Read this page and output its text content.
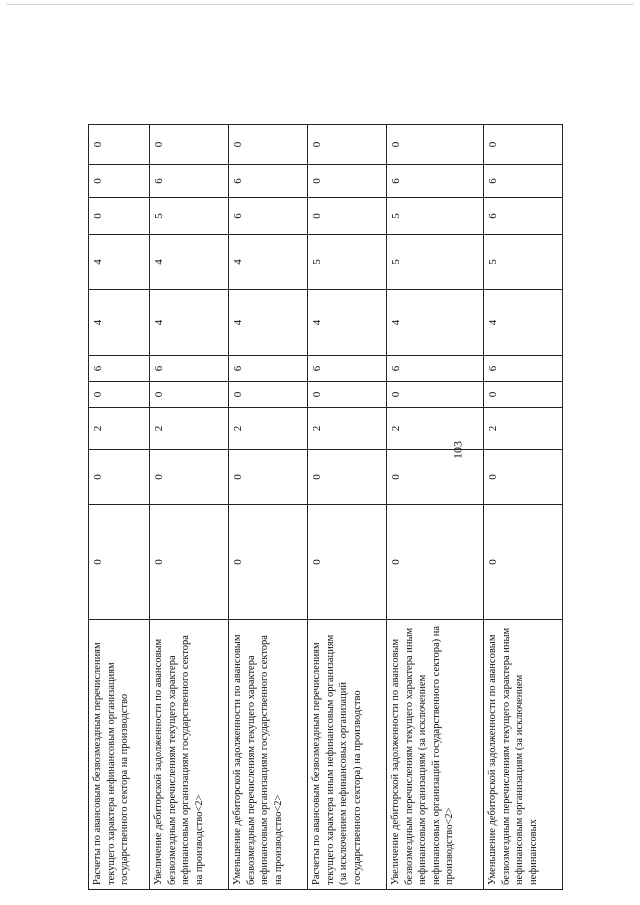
103
Расчеты по авансовым безвозмездным перечислениям текущего характера нефинансовым организациям государственного сектора на производство	0	0	2	0	6	4	4	0	0	0
Увеличение дебиторской задолженности по авансовым безвозмездным перечислениям текущего характера нефинансовым организациям государственного сектора на производство<2>	0	0	2	0	6	4	4	5	6	0
Уменьшение дебиторской задолженности по авансовым безвозмездным перечислениям текущего характера нефинансовым организациям государственного сектора на производство<2>	0	0	2	0	6	4	4	6	6	0
Расчеты по авансовым безвозмездным перечислениям текущего характера иным нефинансовым организациям (за исключением нефинансовых организаций государственного сектора) на производство	0	0	2	0	6	4	5	0	0	0
Увеличение дебиторской задолженности по авансовым безвозмездным перечислениям текущего характера иным нефинансовым организациям (за исключением нефинансовых организаций государственного сектора) на производство<2>	0	0	2	0	6	4	5	5	6	0
Уменьшение дебиторской задолженности по авансовым безвозмездным перечислениям текущего характера иным нефинансовым организациям (за исключением нефинансовых	0	0	2	0	6	4	5	6	6	0
